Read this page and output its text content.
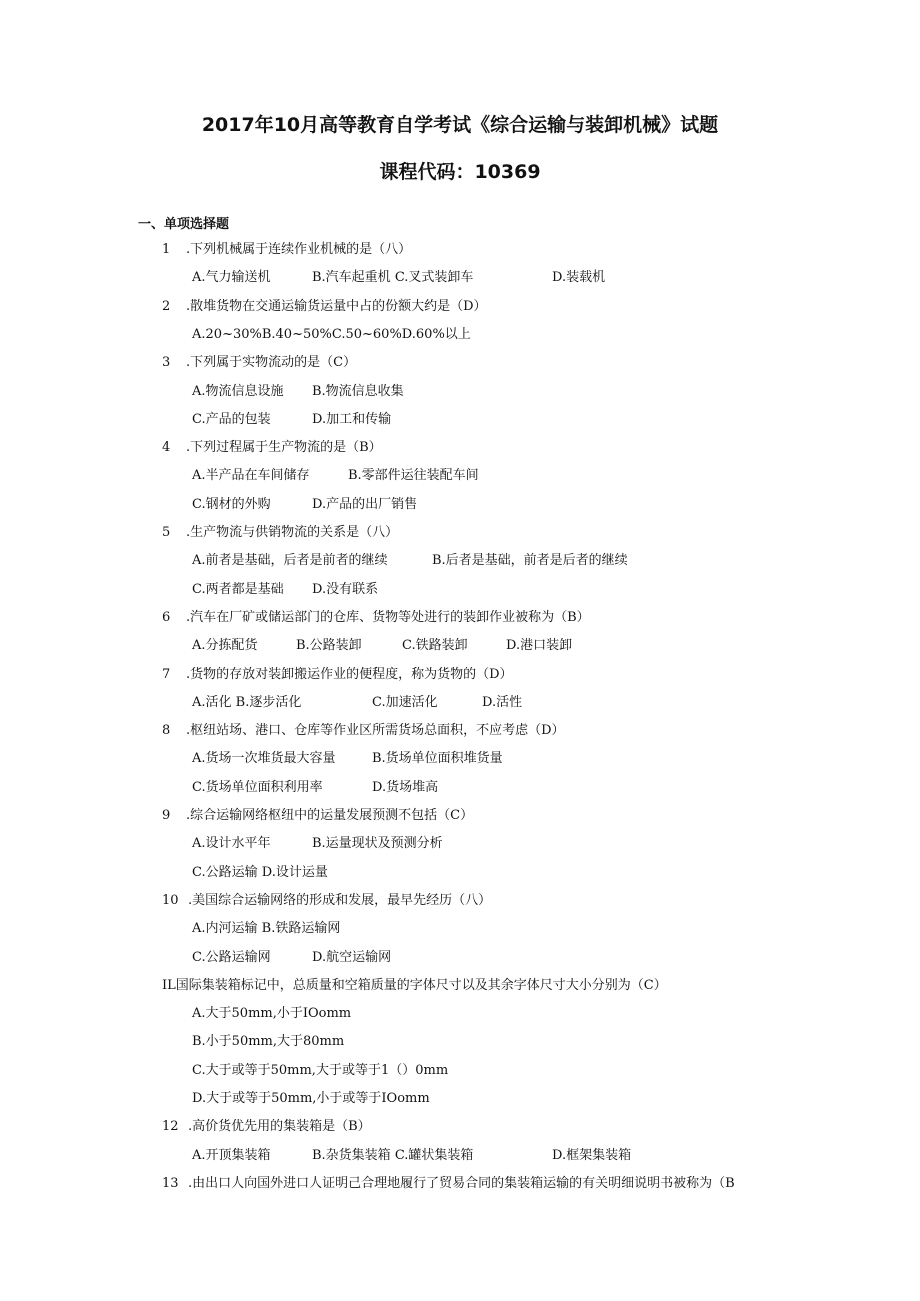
2017年10月高等教育自学考试《综合运输与装卸机械》试题
课程代码：10369
一、单项选择题
1 .下列机械属于连续作业机械的是（八）
A.气力输送机	B.汽车起重机 C.叉式装卸车	D.装载机
2 .散堆货物在交通运输货运量中占的份额大约是（D）
A.20~30%B.40~50%C.50~60%D.60%以上
3 .下列属于实物流动的是（C）
A.物流信息设施 B.物流信息收集
C.产品的包装	D.加工和传输
4 .下列过程属于生产物流的是（B）
A.半产品在车间储存	B.零部件运往装配车间
C.钢材的外购	D.产品的出厂销售
5 .生产物流与供销物流的关系是（八）
A.前者是基础，后者是前者的继续	B.后者是基础，前者是后者的继续
C.两者都是基础 D.没有联系
6 .汽车在厂矿或储运部门的仓库、货物等处进行的装卸作业被称为（B）
A.分拣配货	B.公路装卸	C.铁路装卸	D.港口装卸
7 .货物的存放对装卸搬运作业的便程度，称为货物的（D）
A.活化 B.逐步活化	C.加速活化	D.活性
8 .枢纽站场、港口、仓库等作业区所需货场总面积，不应考虑（D）
A.货场一次堆货最大容量	B.货场单位面积堆货量
C.货场单位面积利用率	D.货场堆高
9 .综合运输网络枢纽中的运量发展预测不包括（C）
A.设计水平年	B.运量现状及预测分析
C.公路运输 D.设计运量
10 .美国综合运输网络的形成和发展，最早先经历（八）
A.内河运输 B.铁路运输网
C.公路运输网	D.航空运输网
IL国际集装箱标记中，总质量和空箱质量的字体尺寸以及其余字体尺寸大小分别为（C）
A.大于50mm,小于IOomm
B.小于50mm,大于80mm
C.大于或等于50mm,大于或等于1（）0mm
D.大于或等于50mm,小于或等于IOomm
12 .高价货优先用的集装箱是（B）
A.开顶集装箱	B.杂货集装箱 C.罐状集装箱	D.框架集装箱
13 .由出口人向国外进口人证明己合理地履行了贸易合同的集装箱运输的有关明细说明书被称为（B
